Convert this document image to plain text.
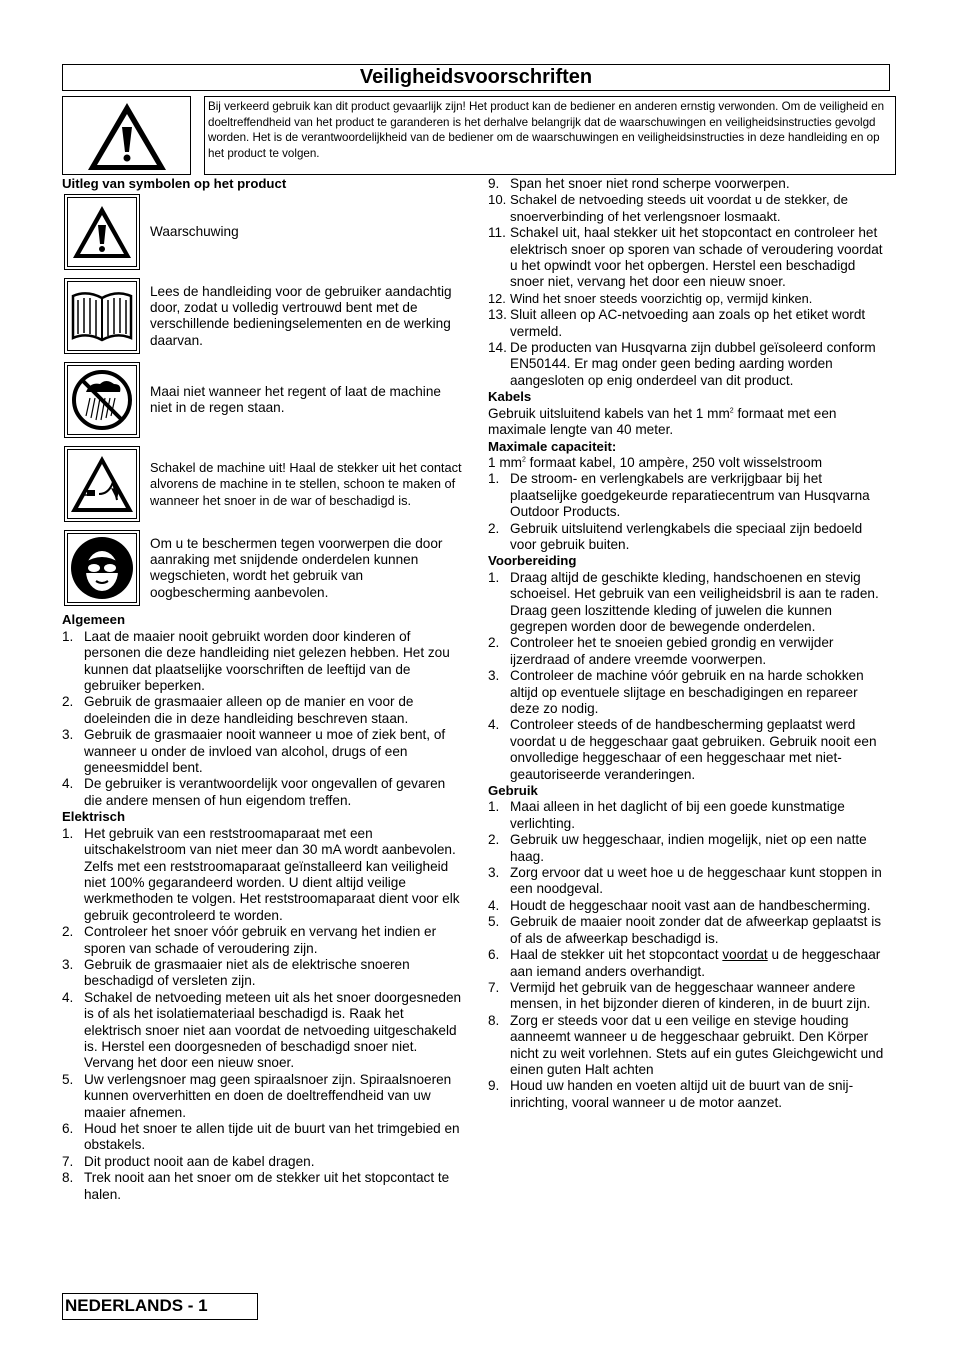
Veiligheidsvoorschriften
Bij verkeerd gebruik kan dit product gevaarlijk zijn! Het product kan de bediener en anderen ernstig verwonden. Om de veiligheid en doeltreffendheid van het product te garanderen is het derhalve belangrijk dat de waarschuwingen en veiligheidsinstructies gevolgd worden. Het is de verantwoordelijkheid van de bediener om de waarschuwingen en veiligheidsinstructies in deze handleiding en op het product te volgen.
Uitleg van symbolen op het product
Waarschuwing
Lees de handleiding voor de gebruiker aandachtig door, zodat u volledig vertrouwd bent met de verschillende bedieningselementen en de werking daarvan.
Maai niet wanneer het regent of laat de machine niet in de regen staan.
Schakel de machine uit! Haal de stekker uit het contact alvorens de machine in te stellen, schoon te maken of wanneer het snoer in de war of beschadigd is.
Om u te beschermen tegen voorwerpen die door aanraking met snijdende onderdelen kunnen wegschieten, wordt het gebruik van oogbescherming aanbevolen.
Algemeen
1. Laat de maaier nooit gebruikt worden door kinderen of personen die deze handleiding niet gelezen hebben. Het zou kunnen dat plaatselijke voorschriften de leeftijd van de gebruiker beperken.
2. Gebruik de grasmaaier alleen op de manier en voor de doeleinden die in deze handleiding beschreven staan.
3. Gebruik de grasmaaier nooit wanneer u moe of ziek bent, of wanneer u onder de invloed van alcohol, drugs of een geneesmiddel bent.
4. De gebruiker is verantwoordelijk voor ongevallen of gevaren die andere mensen of hun eigendom treffen.
Elektrisch
1. Het gebruik van een reststroomaparaat met een uitschakelstroom van niet meer dan 30 mA wordt aanbevolen. Zelfs met een reststroomaparaat geïnstalleerd kan veiligheid niet 100% gegarandeerd worden. U dient altijd veilige werkmethoden te volgen. Het reststroomaparaat dient voor elk gebruik gecontroleerd te worden.
2. Controleer het snoer vóór gebruik en vervang het indien er sporen van schade of veroudering zijn.
3. Gebruik de grasmaaier niet als de elektrische snoeren beschadigd of versleten zijn.
4. Schakel de netvoeding meteen uit als het snoer doorgesneden is of als het isolatiemateriaal beschadigd is. Raak het elektrisch snoer niet aan voordat de netvoeding uitgeschakeld is. Herstel een doorgesneden of beschadigd snoer niet. Vervang het door een nieuw snoer.
5. Uw verlengsnoer mag geen spiraalsnoer zijn. Spiraalsnoeren kunnen oververhitten en doen de doeltreffendheid van uw maaier afnemen.
6. Houd het snoer te allen tijde uit de buurt van het trimgebied en obstakels.
7. Dit product nooit aan de kabel dragen.
8. Trek nooit aan het snoer om de stekker uit het stopcontact te halen.
9. Span het snoer niet rond scherpe voorwerpen.
10. Schakel de netvoeding steeds uit voordat u de stekker, de snoerverbinding of het verlengsnoer losmaakt.
11. Schakel uit, haal stekker uit het stopcontact en controleer het elektrisch snoer op sporen van schade of veroudering voordat u het opwindt voor het opbergen. Herstel een beschadigd snoer niet, vervang het door een nieuw snoer.
12. Wind het snoer steeds voorzichtig op, vermijd kinken.
13. Sluit alleen op AC-netvoeding aan zoals op het etiket wordt vermeld.
14. De producten van Husqvarna zijn dubbel geïsoleerd conform EN50144. Er mag onder geen beding aarding worden aangesloten op enig onderdeel van dit product.
Kabels
Gebruik uitsluitend kabels van het 1 $mm^2$ formaat met een maximale lengte van 40 meter.
Maximale capaciteit:
1 $mm^2$ formaat kabel, 10 ampère, 250 volt wisselstroom
1. De stroom- en verlengkabels are verkrijgbaar bij het plaatselijke goedgekeurde reparatiecentrum van Husqvarna Outdoor Products.
2. Gebruik uitsluitend verlengkabels die speciaal zijn bedoeld voor gebruik buiten.
Voorbereiding
1. Draag altijd de geschikte kleding, handschoenen en stevig schoeisel. Het gebruik van een veiligheidsbril is aan te raden. Draag geen loszittende kleding of juwelen die kunnen gegrepen worden door de bewegende onderdelen.
2. Controleer het te snoeien gebied grondig en verwijder ijzerdraad of andere vreemde voorwerpen.
3. Controleer de machine vóór gebruik en na harde schokken altijd op eventuele slijtage en beschadigingen en repareer deze zo nodig.
4. Controleer steeds of de handbescherming geplaatst werd voordat u de heggeschaar gaat gebruiken. Gebruik nooit een onvolledige heggeschaar of een heggeschaar met niet-geautoriseerde veranderingen.
Gebruik
1. Maai alleen in het daglicht of bij een goede kunstmatige verlichting.
2. Gebruik uw heggeschaar, indien mogelijk, niet op een natte haag.
3. Zorg ervoor dat u weet hoe u de heggeschaar kunt stoppen in een noodgeval.
4. Houdt de heggeschaar nooit vast aan de handbescherming.
5. Gebruik de maaier nooit zonder dat de afweerkap geplaatst is of als de afweerkap beschadigd is.
6. Haal de stekker uit het stopcontact voordat u de heggeschaar aan iemand anders overhandigt.
7. Vermijd het gebruik van de heggeschaar wanneer andere mensen, in het bijzonder dieren of kinderen, in de buurt zijn.
8. Zorg er steeds voor dat u een veilige en stevige houding aanneemt wanneer u de heggeschaar gebruikt. Den Körper nicht zu weit vorlehnen. Stets auf ein gutes Gleichgewicht und einen guten Halt achten
9. Houd uw handen en voeten altijd uit de buurt van de snij-inrichting, vooral wanneer u de motor aanzet.
NEDERLANDS - 1
